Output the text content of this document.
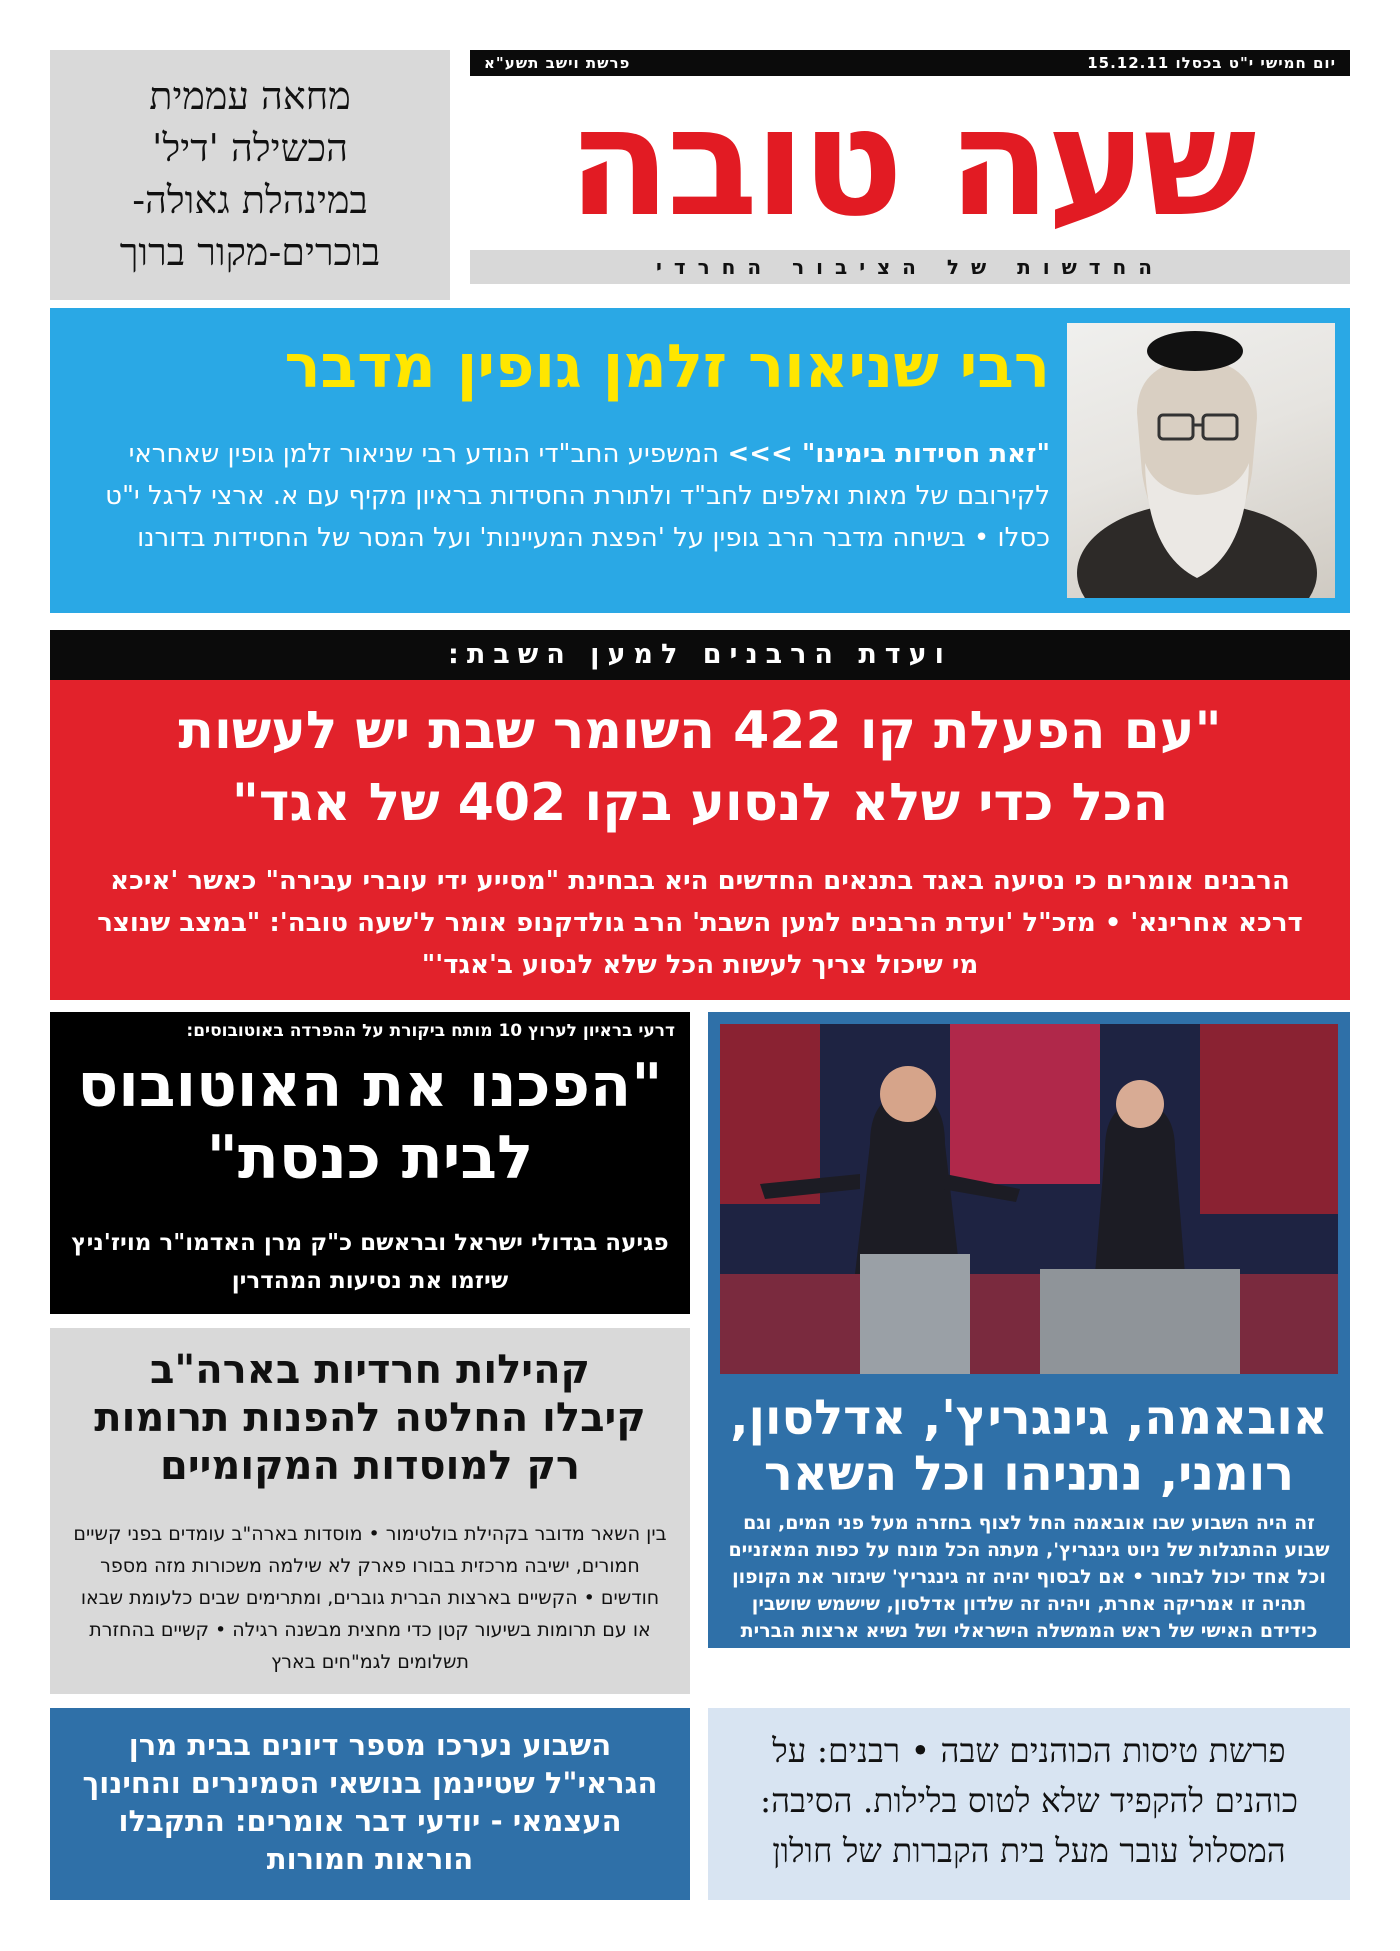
יום חמישי י"ט בכסלו 15.12.11
פרשת וישב תשע"א
שעה טובה
החדשות של הציבור החרדי
מחאה עממית
הכשילה 'דיל'
במינהלת גאולה-
בוכרים-מקור ברוך
רבי שניאור זלמן גופין מדבר
"זאת חסידות בימינו" >>> המשפיע החב"די הנודע רבי שניאור זלמן גופין שאחראי לקירובם של מאות ואלפים לחב"ד ולתורת החסידות בראיון מקיף עם א. ארצי לרגל י"ט כסלו • בשיחה מדבר הרב גופין על 'הפצת המעיינות' ועל המסר של החסידות בדורנו
ועדת הרבנים למען השבת:
"עם הפעלת קו 422 השומר שבת יש לעשות
הכל כדי שלא לנסוע בקו 402 של אגד"
הרבנים אומרים כי נסיעה באגד בתנאים החדשים היא בבחינת "מסייע ידי עוברי עבירה" כאשר 'איכא דרכא אחרינא' • מזכ"ל 'ועדת הרבנים למען השבת' הרב גולדקנופ אומר ל'שעה טובה': "במצב שנוצר מי שיכול צריך לעשות הכל שלא לנסוע ב'אגד'"
דרעי בראיון לערוץ 10 מותח ביקורת על ההפרדה באוטובוסים:
"הפכנו את האוטובוס
לבית כנסת"
פגיעה בגדולי ישראל ובראשם כ"ק מרן האדמו"ר מויז'ניץ שיזמו את נסיעות המהדרין
אובאמה, גינגריץ', אדלסון,
רומני, נתניהו וכל השאר
זה היה השבוע שבו אובאמה החל לצוף בחזרה מעל פני המים, וגם שבוע ההתגלות של ניוט גינגריץ', מעתה הכל מונח על כפות המאזניים וכל אחד יכול לבחור • אם לבסוף יהיה זה גינגריץ' שיגזור את הקופון תהיה זו אמריקה אחרת, ויהיה זה שלדון אדלסון, שישמש שושבין כידידם האישי של ראש הממשלה הישראלי ושל נשיא ארצות הברית
קהילות חרדיות בארה"ב
קיבלו החלטה להפנות תרומות
רק למוסדות המקומיים
בין השאר מדובר בקהילת בולטימור • מוסדות בארה"ב עומדים בפני קשיים חמורים, ישיבה מרכזית בבורו פארק לא שילמה משכורות מזה מספר חודשים • הקשיים בארצות הברית גוברים, ומתרימים שבים כלעומת שבאו או עם תרומות בשיעור קטן כדי מחצית מבשנה רגילה • קשיים בהחזרת תשלומים לגמ"חים בארץ
השבוע נערכו מספר דיונים בבית מרן הגראי"ל שטיינמן בנושאי הסמינרים והחינוך העצמאי - יודעי דבר אומרים: התקבלו הוראות חמורות
פרשת טיסות הכוהנים שבה • רבנים: על כוהנים להקפיד שלא לטוס בלילות. הסיבה: המסלול עובר מעל בית הקברות של חולון
